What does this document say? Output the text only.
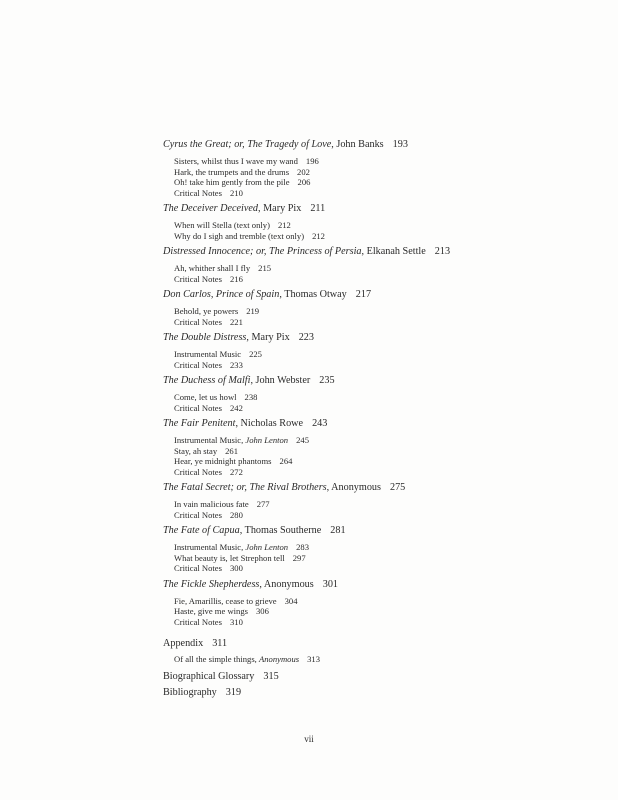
Cyrus the Great; or, The Tragedy of Love, John Banks 193
Sisters, whilst thus I wave my wand 196
Hark, the trumpets and the drums 202
Oh! take him gently from the pile 206
Critical Notes 210
The Deceiver Deceived, Mary Pix 211
When will Stella (text only) 212
Why do I sigh and tremble (text only) 212
Distressed Innocence; or, The Princess of Persia, Elkanah Settle 213
Ah, whither shall I fly 215
Critical Notes 216
Don Carlos, Prince of Spain, Thomas Otway 217
Behold, ye powers 219
Critical Notes 221
The Double Distress, Mary Pix 223
Instrumental Music 225
Critical Notes 233
The Duchess of Malfi, John Webster 235
Come, let us howl 238
Critical Notes 242
The Fair Penitent, Nicholas Rowe 243
Instrumental Music, John Lenton 245
Stay, ah stay 261
Hear, ye midnight phantoms 264
Critical Notes 272
The Fatal Secret; or, The Rival Brothers, Anonymous 275
In vain malicious fate 277
Critical Notes 280
The Fate of Capua, Thomas Southerne 281
Instrumental Music, John Lenton 283
What beauty is, let Strephon tell 297
Critical Notes 300
The Fickle Shepherdess, Anonymous 301
Fie, Amarillis, cease to grieve 304
Haste, give me wings 306
Critical Notes 310
Appendix 311
Of all the simple things, Anonymous 313
Biographical Glossary 315
Bibliography 319
vii
